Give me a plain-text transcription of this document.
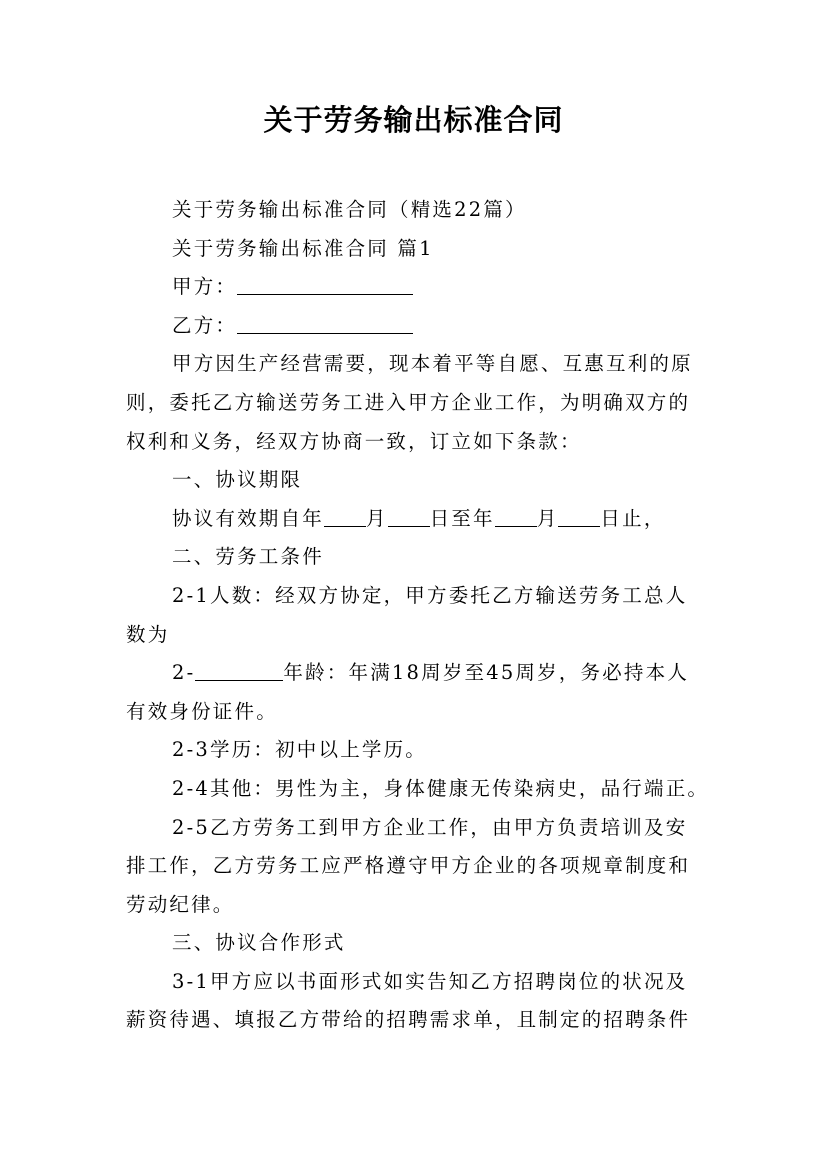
关于劳务输出标准合同

关于劳务输出标准合同（精选22篇）

关于劳务输出标准合同 篇1

甲方：

乙方：

甲方因生产经营需要，现本着平等自愿、互惠互利的原

则，委托乙方输送劳务工进入甲方企业工作，为明确双方的

权利和义务，经双方协商一致，订立如下条款：

一、协议期限

协议有效期自年 月 日至年 月 日止，

二、劳务工条件

2-1人数：经双方协定，甲方委托乙方输送劳务工总人

数为

2-	年龄：年满18周岁至45周岁，务必持本人

有效身份证件。

2-3学历：初中以上学历。

2-4其他：男性为主，身体健康无传染病史，品行端正。

2-5乙方劳务工到甲方企业工作，由甲方负责培训及安

排工作，乙方劳务工应严格遵守甲方企业的各项规章制度和

劳动纪律。

三、协议合作形式

3-1甲方应以书面形式如实告知乙方招聘岗位的状况及

薪资待遇、填报乙方带给的招聘需求单，且制定的招聘条件
